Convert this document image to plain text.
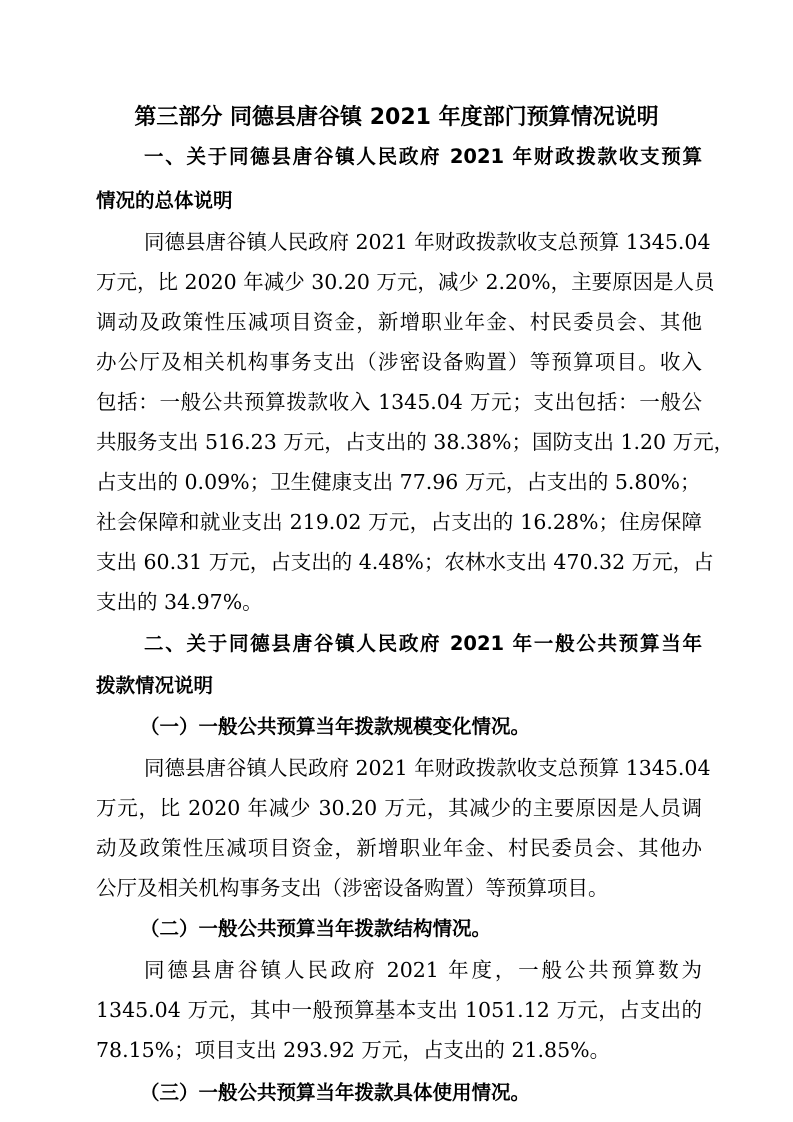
第三部分 同德县唐谷镇 2021 年度部门预算情况说明
一、关于同德县唐谷镇人民政府 2021 年财政拨款收支预算
情况的总体说明
同德县唐谷镇人民政府 2021 年财政拨款收支总预算 1345.04
万元，比 2020 年减少 30.20 万元，减少 2.20%，主要原因是人员
调动及政策性压减项目资金，新增职业年金、村民委员会、其他
办公厅及相关机构事务支出（涉密设备购置）等预算项目。收入
包括：一般公共预算拨款收入 1345.04 万元；支出包括：一般公
共服务支出 516.23 万元，占支出的 38.38%；国防支出 1.20 万元，
占支出的 0.09%；卫生健康支出 77.96 万元，占支出的 5.80%；
社会保障和就业支出 219.02 万元，占支出的 16.28%；住房保障
支出 60.31 万元，占支出的 4.48%；农林水支出 470.32 万元，占
支出的 34.97%。
二、关于同德县唐谷镇人民政府 2021 年一般公共预算当年
拨款情况说明
（一）一般公共预算当年拨款规模变化情况。
同德县唐谷镇人民政府 2021 年财政拨款收支总预算 1345.04
万元，比 2020 年减少 30.20 万元，其减少的主要原因是人员调
动及政策性压减项目资金，新增职业年金、村民委员会、其他办
公厅及相关机构事务支出（涉密设备购置）等预算项目。
（二）一般公共预算当年拨款结构情况。
同德县唐谷镇人民政府 2021 年度，一般公共预算数为
1345.04 万元，其中一般预算基本支出 1051.12 万元，占支出的
78.15%；项目支出 293.92 万元，占支出的 21.85%。
（三）一般公共预算当年拨款具体使用情况。
